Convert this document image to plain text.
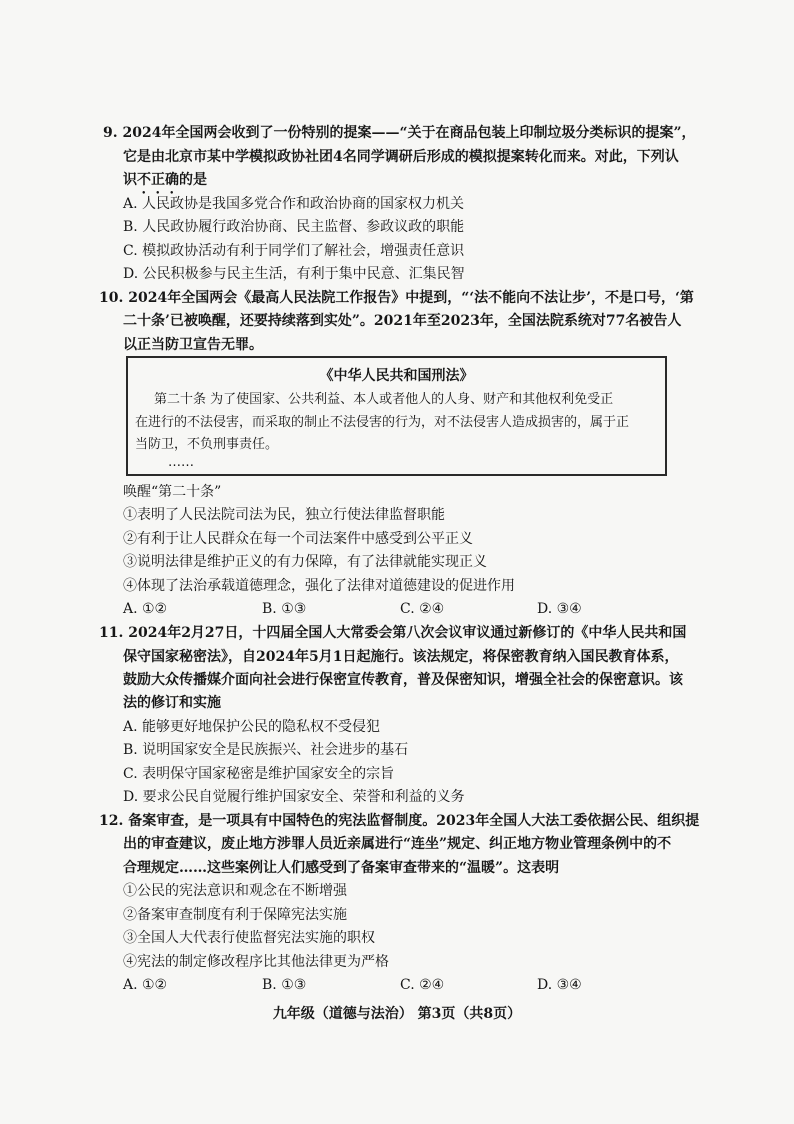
9. 2024年全国两会收到了一份特别的提案——“关于在商品包装上印制垃圾分类标识的提案”，
它是由北京市某中学模拟政协社团4名同学调研后形成的模拟提案转化而来。对此，下列认
识不正确的是
A. 人民政协是我国多党合作和政治协商的国家权力机关
B. 人民政协履行政治协商、民主监督、参政议政的职能
C. 模拟政协活动有利于同学们了解社会，增强责任意识
D. 公民积极参与民主生活，有利于集中民意、汇集民智
10. 2024年全国两会《最高人民法院工作报告》中提到，“‘法不能向不法让步’，不是口号，‘第
二十条’已被唤醒，还要持续落到实处”。2021年至2023年，全国法院系统对77名被告人
以正当防卫宣告无罪。
《中华人民共和国刑法》
第二十条 为了使国家、公共利益、本人或者他人的人身、财产和其他权利免受正
在进行的不法侵害，而采取的制止不法侵害的行为，对不法侵害人造成损害的，属于正
当防卫，不负刑事责任。
……
唤醒“第二十条”
①表明了人民法院司法为民，独立行使法律监督职能
②有利于让人民群众在每一个司法案件中感受到公平正义
③说明法律是维护正义的有力保障，有了法律就能实现正义
④体现了法治承载道德理念，强化了法律对道德建设的促进作用
A. ①②	B. ①③	C. ②④	D. ③④
11. 2024年2月27日，十四届全国人大常委会第八次会议审议通过新修订的《中华人民共和国
保守国家秘密法》，自2024年5月1日起施行。该法规定，将保密教育纳入国民教育体系，
鼓励大众传播媒介面向社会进行保密宣传教育，普及保密知识，增强全社会的保密意识。该
法的修订和实施
A. 能够更好地保护公民的隐私权不受侵犯
B. 说明国家安全是民族振兴、社会进步的基石
C. 表明保守国家秘密是维护国家安全的宗旨
D. 要求公民自觉履行维护国家安全、荣誉和利益的义务
12. 备案审查，是一项具有中国特色的宪法监督制度。2023年全国人大法工委依据公民、组织提
出的审查建议，废止地方涉罪人员近亲属进行“连坐”规定、纠正地方物业管理条例中的不
合理规定……这些案例让人们感受到了备案审查带来的“温暖”。这表明
①公民的宪法意识和观念在不断增强
②备案审查制度有利于保障宪法实施
③全国人大代表行使监督宪法实施的职权
④宪法的制定修改程序比其他法律更为严格
A. ①②	B. ①③	C. ②④	D. ③④
九年级（道德与法治） 第3页（共8页）
